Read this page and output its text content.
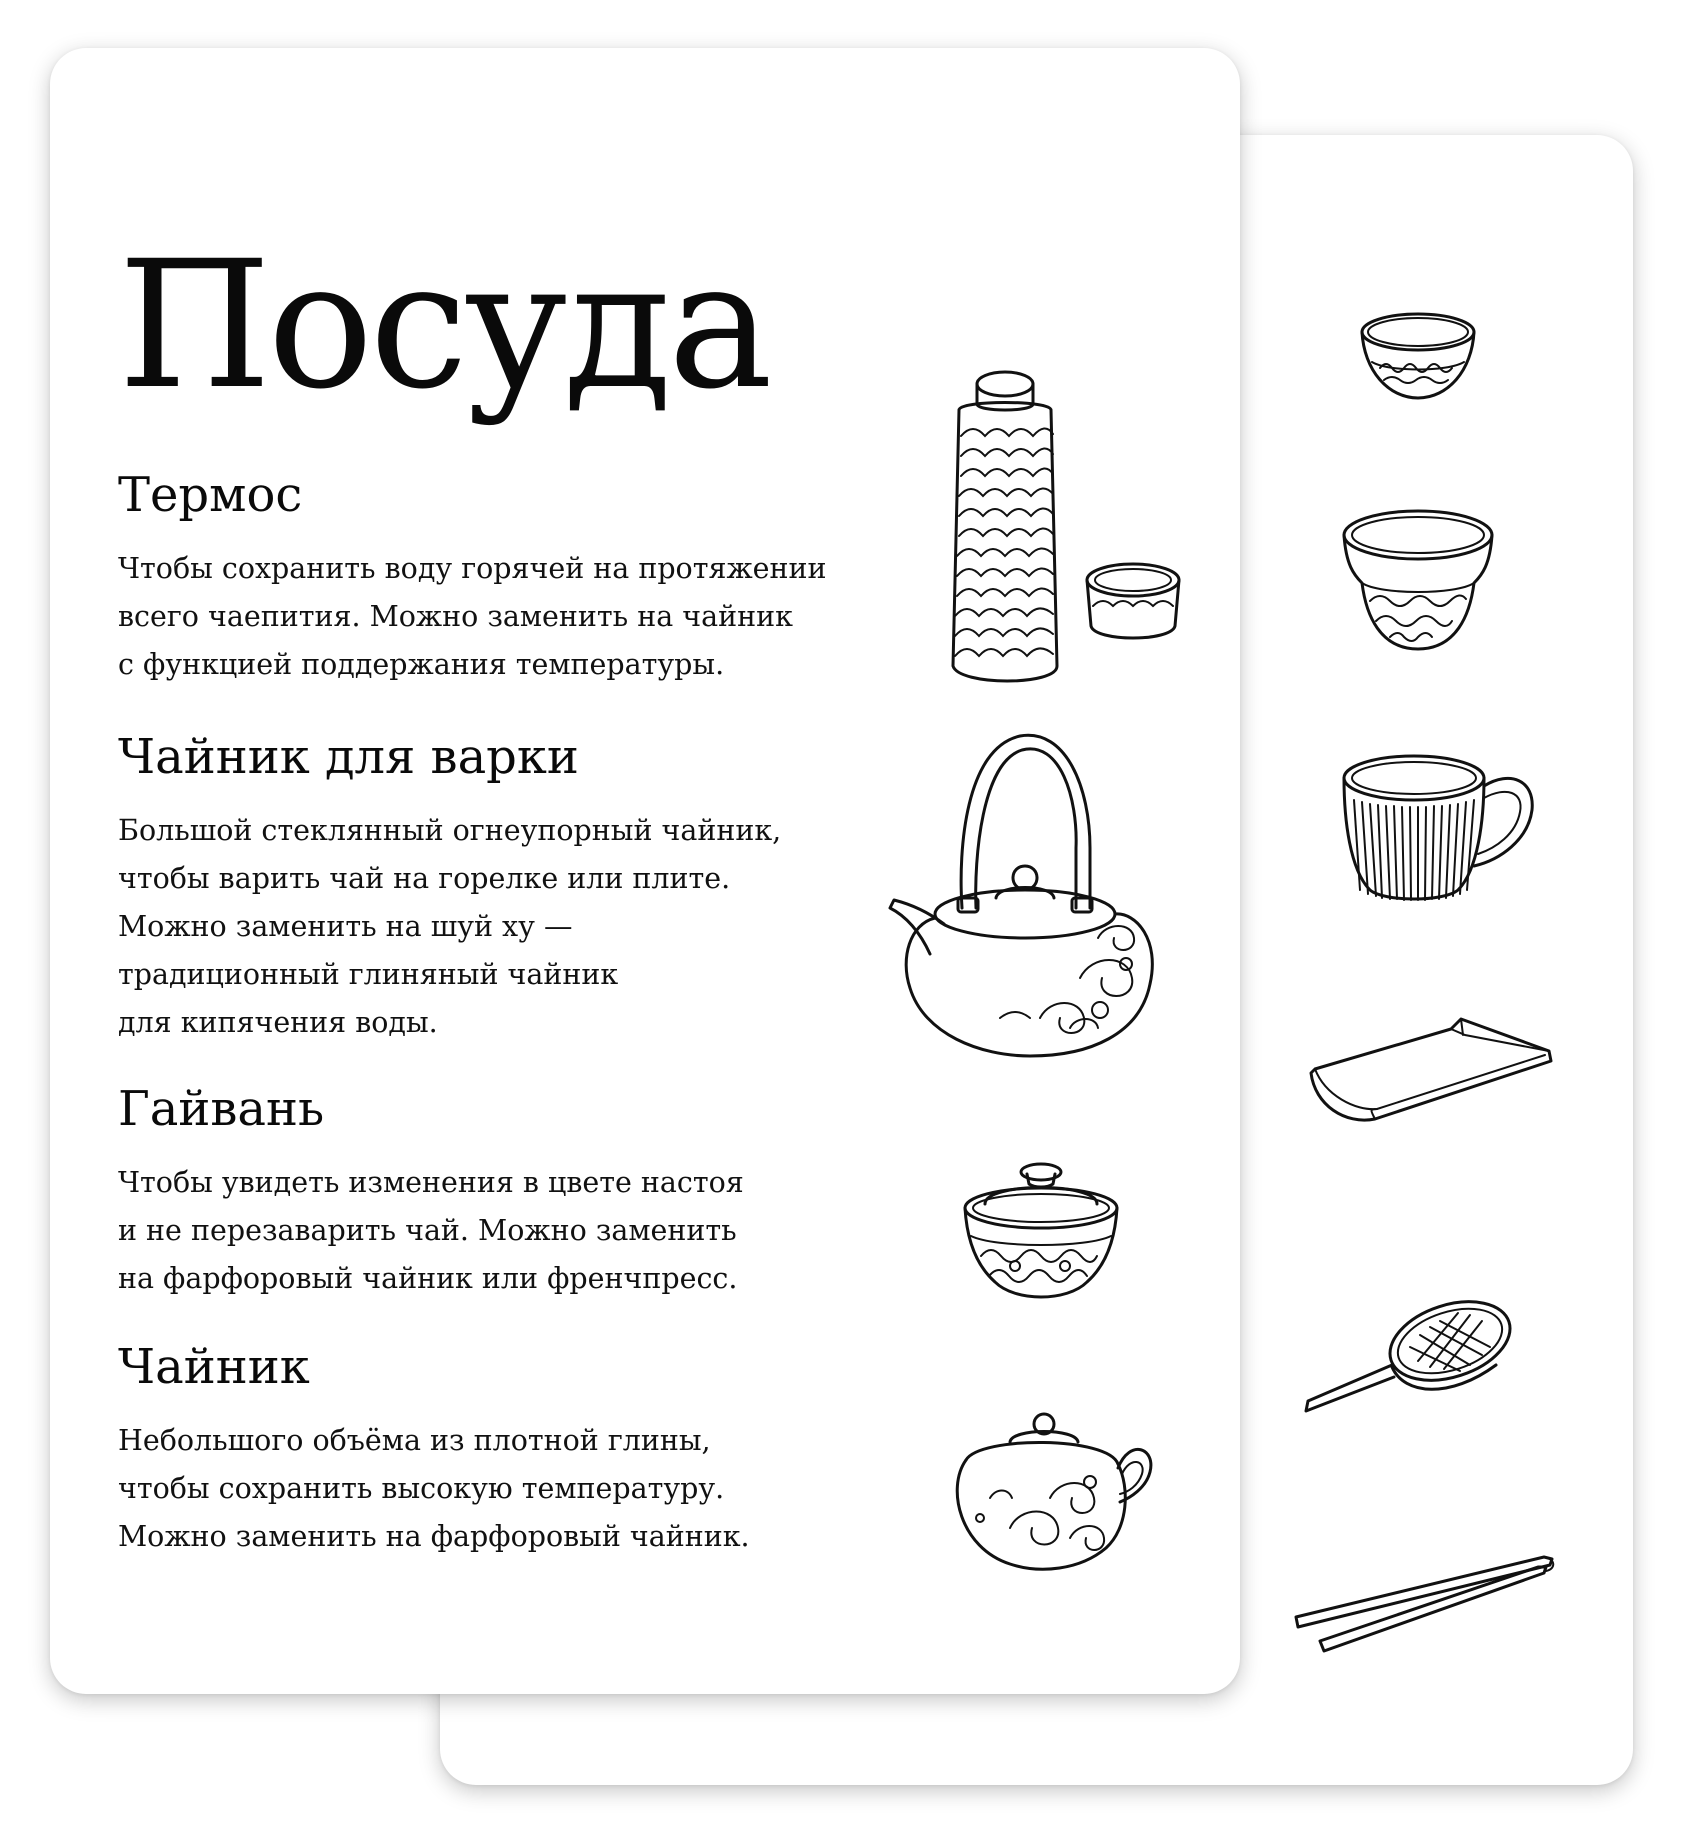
Посуда
Термос

Чтобы сохранить воду горячей на протяжении
всего чаепития. Можно заменить на чайник
с функцией поддержания температуры.

Чайник для варки

Большой стеклянный огнеупорный чайник,
чтобы варить чай на горелке или плите.
Можно заменить на шуй ху —
традиционный глиняный чайник
для кипячения воды.

Гайвань

Чтобы увидеть изменения в цвете настоя
и не перезаварить чай. Можно заменить
на фарфоровый чайник или френчпресс.

Чайник

Небольшого объёма из плотной глины,
чтобы сохранить высокую температуру.
Можно заменить на фарфоровый чайник.
